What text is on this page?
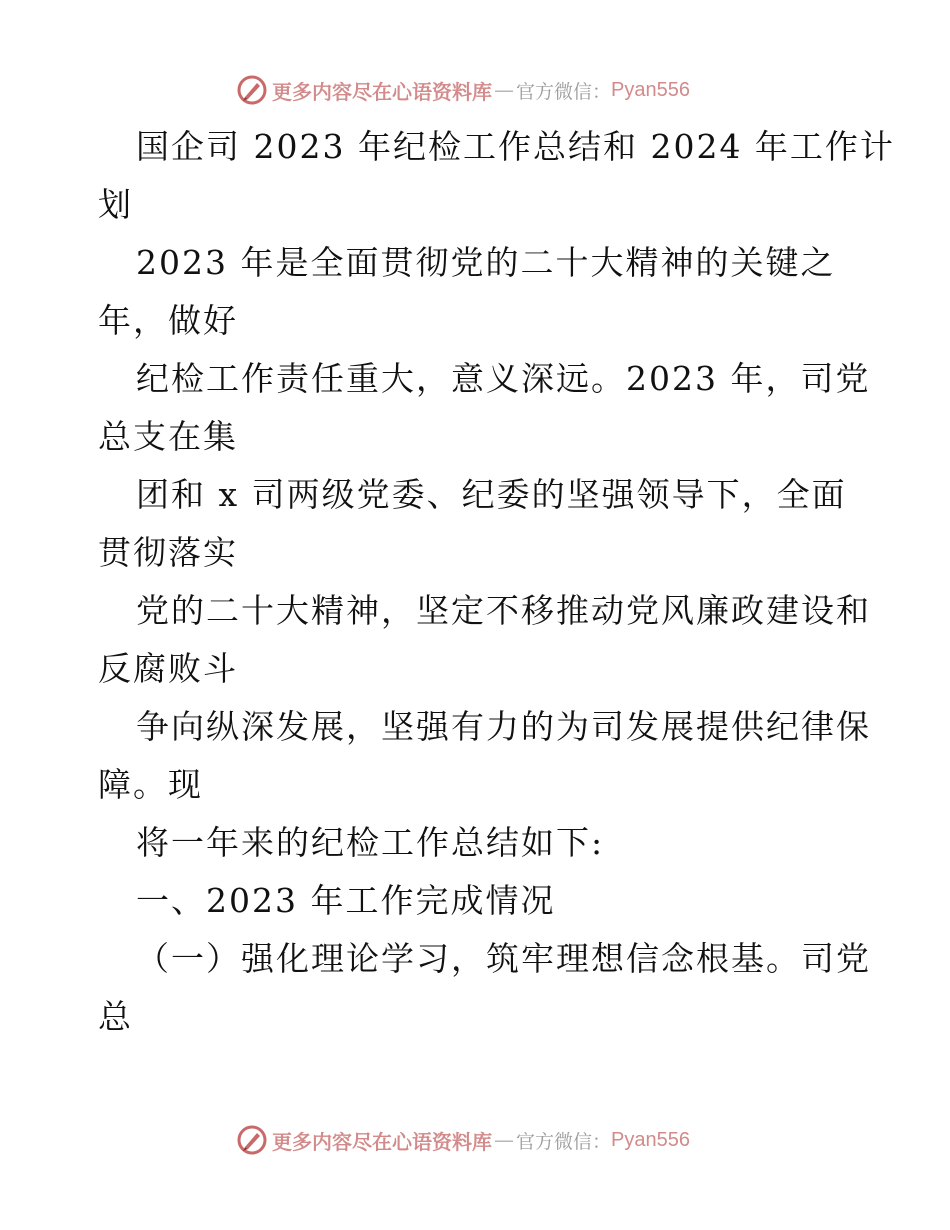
更多内容尽在心语资料库 — 官方微信： Pyan556
国企司 2023 年纪检工作总结和 2024 年工作计
划
2023 年是全面贯彻党的二十大精神的关键之
年，做好
纪检工作责任重大，意义深远。2023 年，司党
总支在集
团和 x 司两级党委、纪委的坚强领导下，全面
贯彻落实
党的二十大精神，坚定不移推动党风廉政建设和
反腐败斗
争向纵深发展，坚强有力的为司发展提供纪律保
障。现
将一年来的纪检工作总结如下:
一、2023 年工作完成情况
（一）强化理论学习，筑牢理想信念根基。司党
总
更多内容尽在心语资料库 — 官方微信： Pyan556
